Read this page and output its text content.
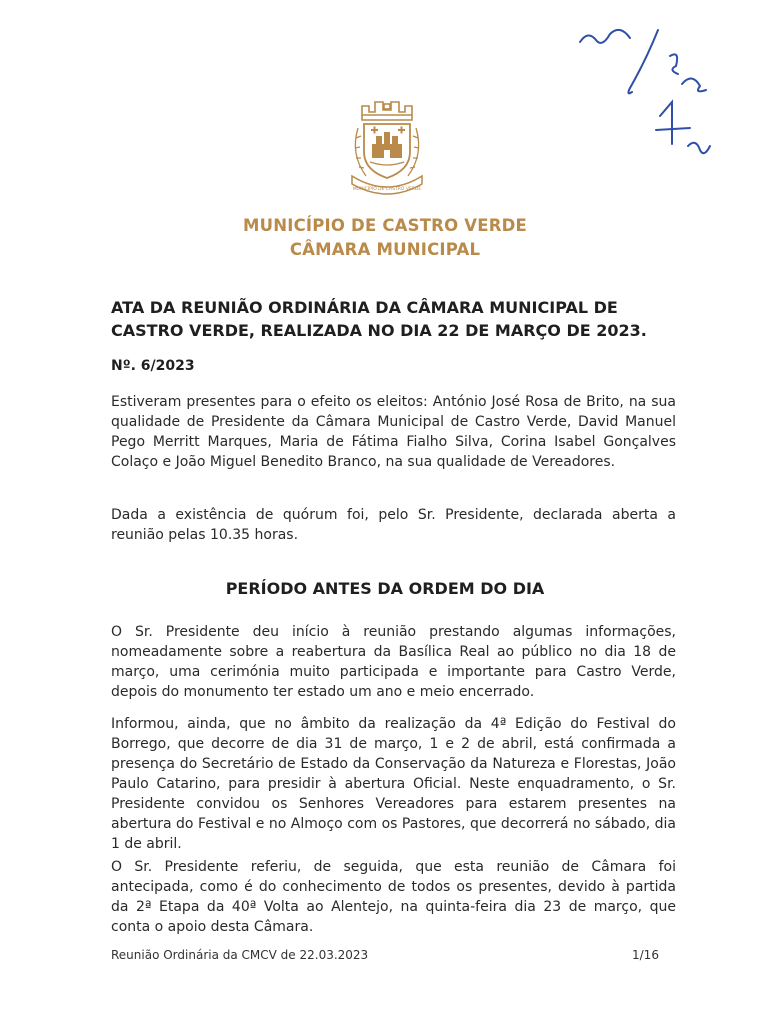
MUNICÍPIO DE CASTRO VERDE
MUNICÍPIO DE CASTRO VERDE
CÂMARA MUNICIPAL
ATA DA REUNIÃO ORDINÁRIA DA CÂMARA MUNICIPAL DE CASTRO VERDE, REALIZADA NO DIA 22 DE MARÇO DE 2023.
Nº. 6/2023
Estiveram presentes para o efeito os eleitos: António José Rosa de Brito, na sua qualidade de Presidente da Câmara Municipal de Castro Verde, David Manuel Pego Merritt Marques, Maria de Fátima Fialho Silva, Corina Isabel Gonçalves Colaço e João Miguel Benedito Branco, na sua qualidade de Vereadores.
Dada a existência de quórum foi, pelo Sr. Presidente, declarada aberta a reunião pelas 10.35 horas.
PERÍODO ANTES DA ORDEM DO DIA
O Sr. Presidente deu início à reunião prestando algumas informações, nomeadamente sobre a reabertura da Basílica Real ao público no dia 18 de março, uma cerimónia muito participada e importante para Castro Verde, depois do monumento ter estado um ano e meio encerrado.
Informou, ainda, que no âmbito da realização da 4ª Edição do Festival do Borrego, que decorre de dia 31 de março, 1 e 2 de abril, está confirmada a presença do Secretário de Estado da Conservação da Natureza e Florestas, João Paulo Catarino, para presidir à abertura Oficial. Neste enquadramento, o Sr. Presidente convidou os Senhores Vereadores para estarem presentes na abertura do Festival e no Almoço com os Pastores, que decorrerá no sábado, dia 1 de abril.
O Sr. Presidente referiu, de seguida, que esta reunião de Câmara foi antecipada, como é do conhecimento de todos os presentes, devido à partida da 2ª Etapa da 40ª Volta ao Alentejo, na quinta-feira dia 23 de março, que conta o apoio desta Câmara.
Reunião Ordinária da CMCV de 22.03.2023	1/16
